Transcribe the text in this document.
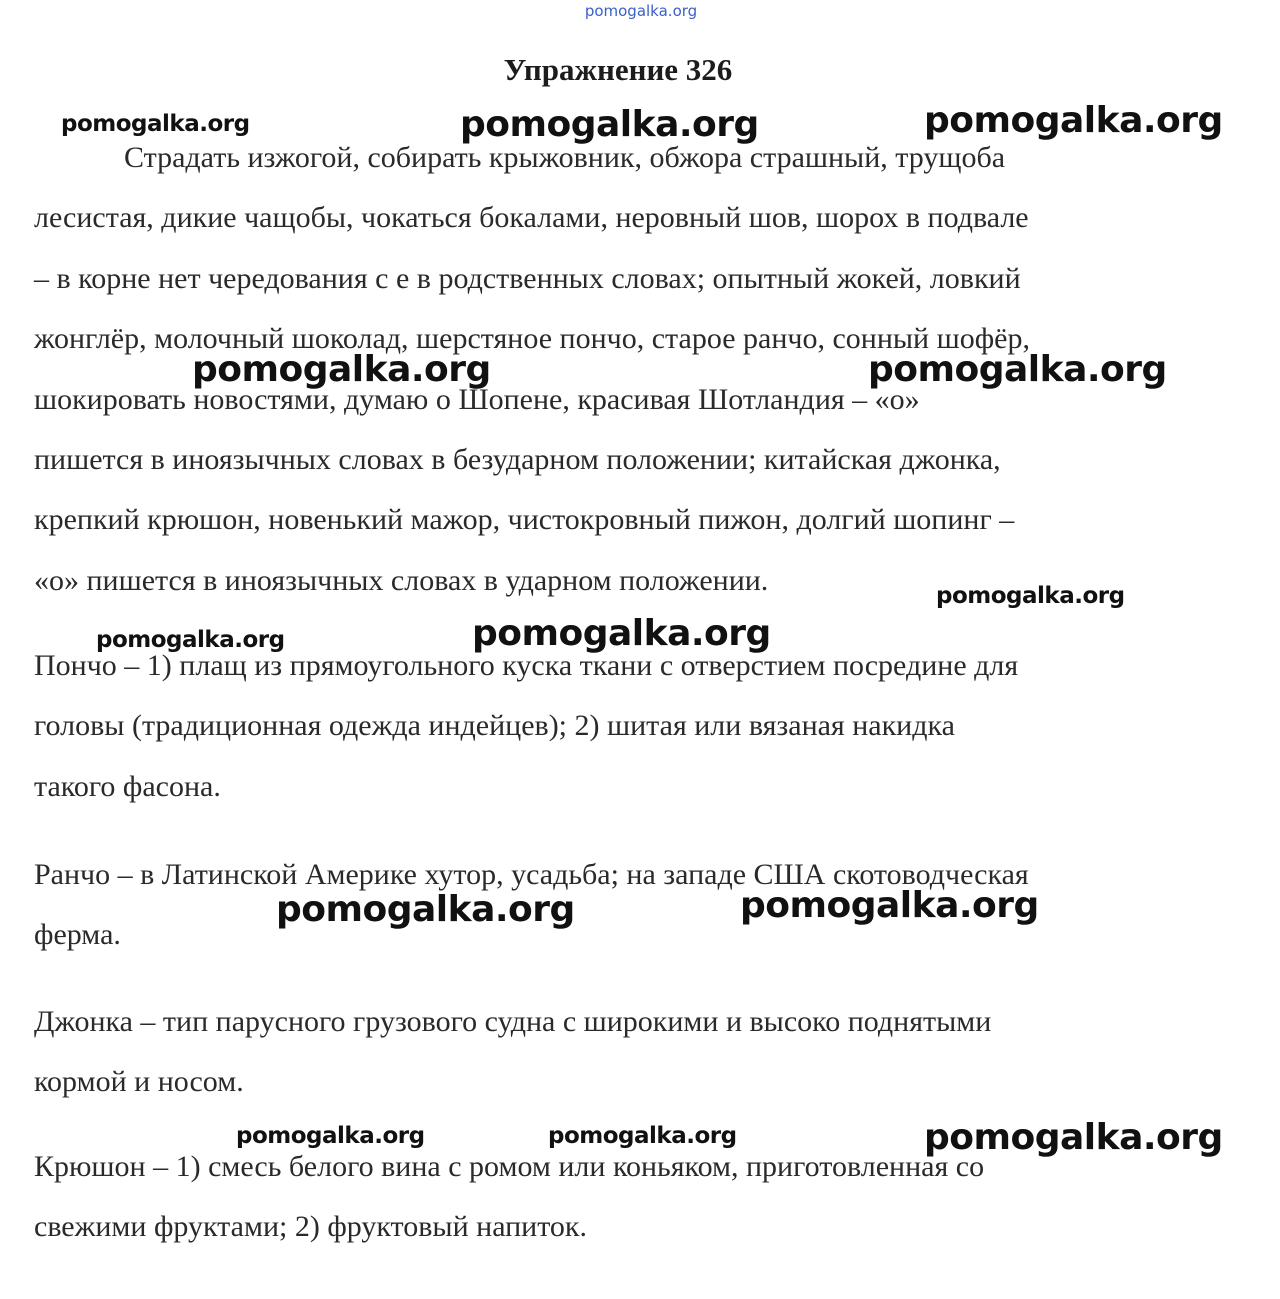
pomogalka.org
Упражнение 326
Страдать изжогой, собирать крыжовник, обжора страшный, трущоба
лесистая, дикие чащобы, чокаться бокалами, неровный шов, шорох в подвале
– в корне нет чередования с е в родственных словах; опытный жокей, ловкий
жонглёр, молочный шоколад, шерстяное пончо, старое ранчо, сонный шофёр,
шокировать новостями, думаю о Шопене, красивая Шотландия – «о»
пишется в иноязычных словах в безударном положении; китайская джонка,
крепкий крюшон, новенький мажор, чистокровный пижон, долгий шопинг –
«о» пишется в иноязычных словах в ударном положении.
Пончо – 1) плащ из прямоугольного куска ткани с отверстием посредине для
головы (традиционная одежда индейцев); 2) шитая или вязаная накидка
такого фасона.
Ранчо – в Латинской Америке хутор, усадьба; на западе США скотоводческая
ферма.
Джонка – тип парусного грузового судна с широкими и высоко поднятыми
кормой и носом.
Крюшон – 1) смесь белого вина с ромом или коньяком, приготовленная со
свежими фруктами; 2) фруктовый напиток.
pomogalka.org	pomogalka.org	pomogalka.org
pomogalka.org	pomogalka.org
pomogalka.org
pomogalka.org	pomogalka.org
pomogalka.org	pomogalka.org
pomogalka.org	pomogalka.org	pomogalka.org
